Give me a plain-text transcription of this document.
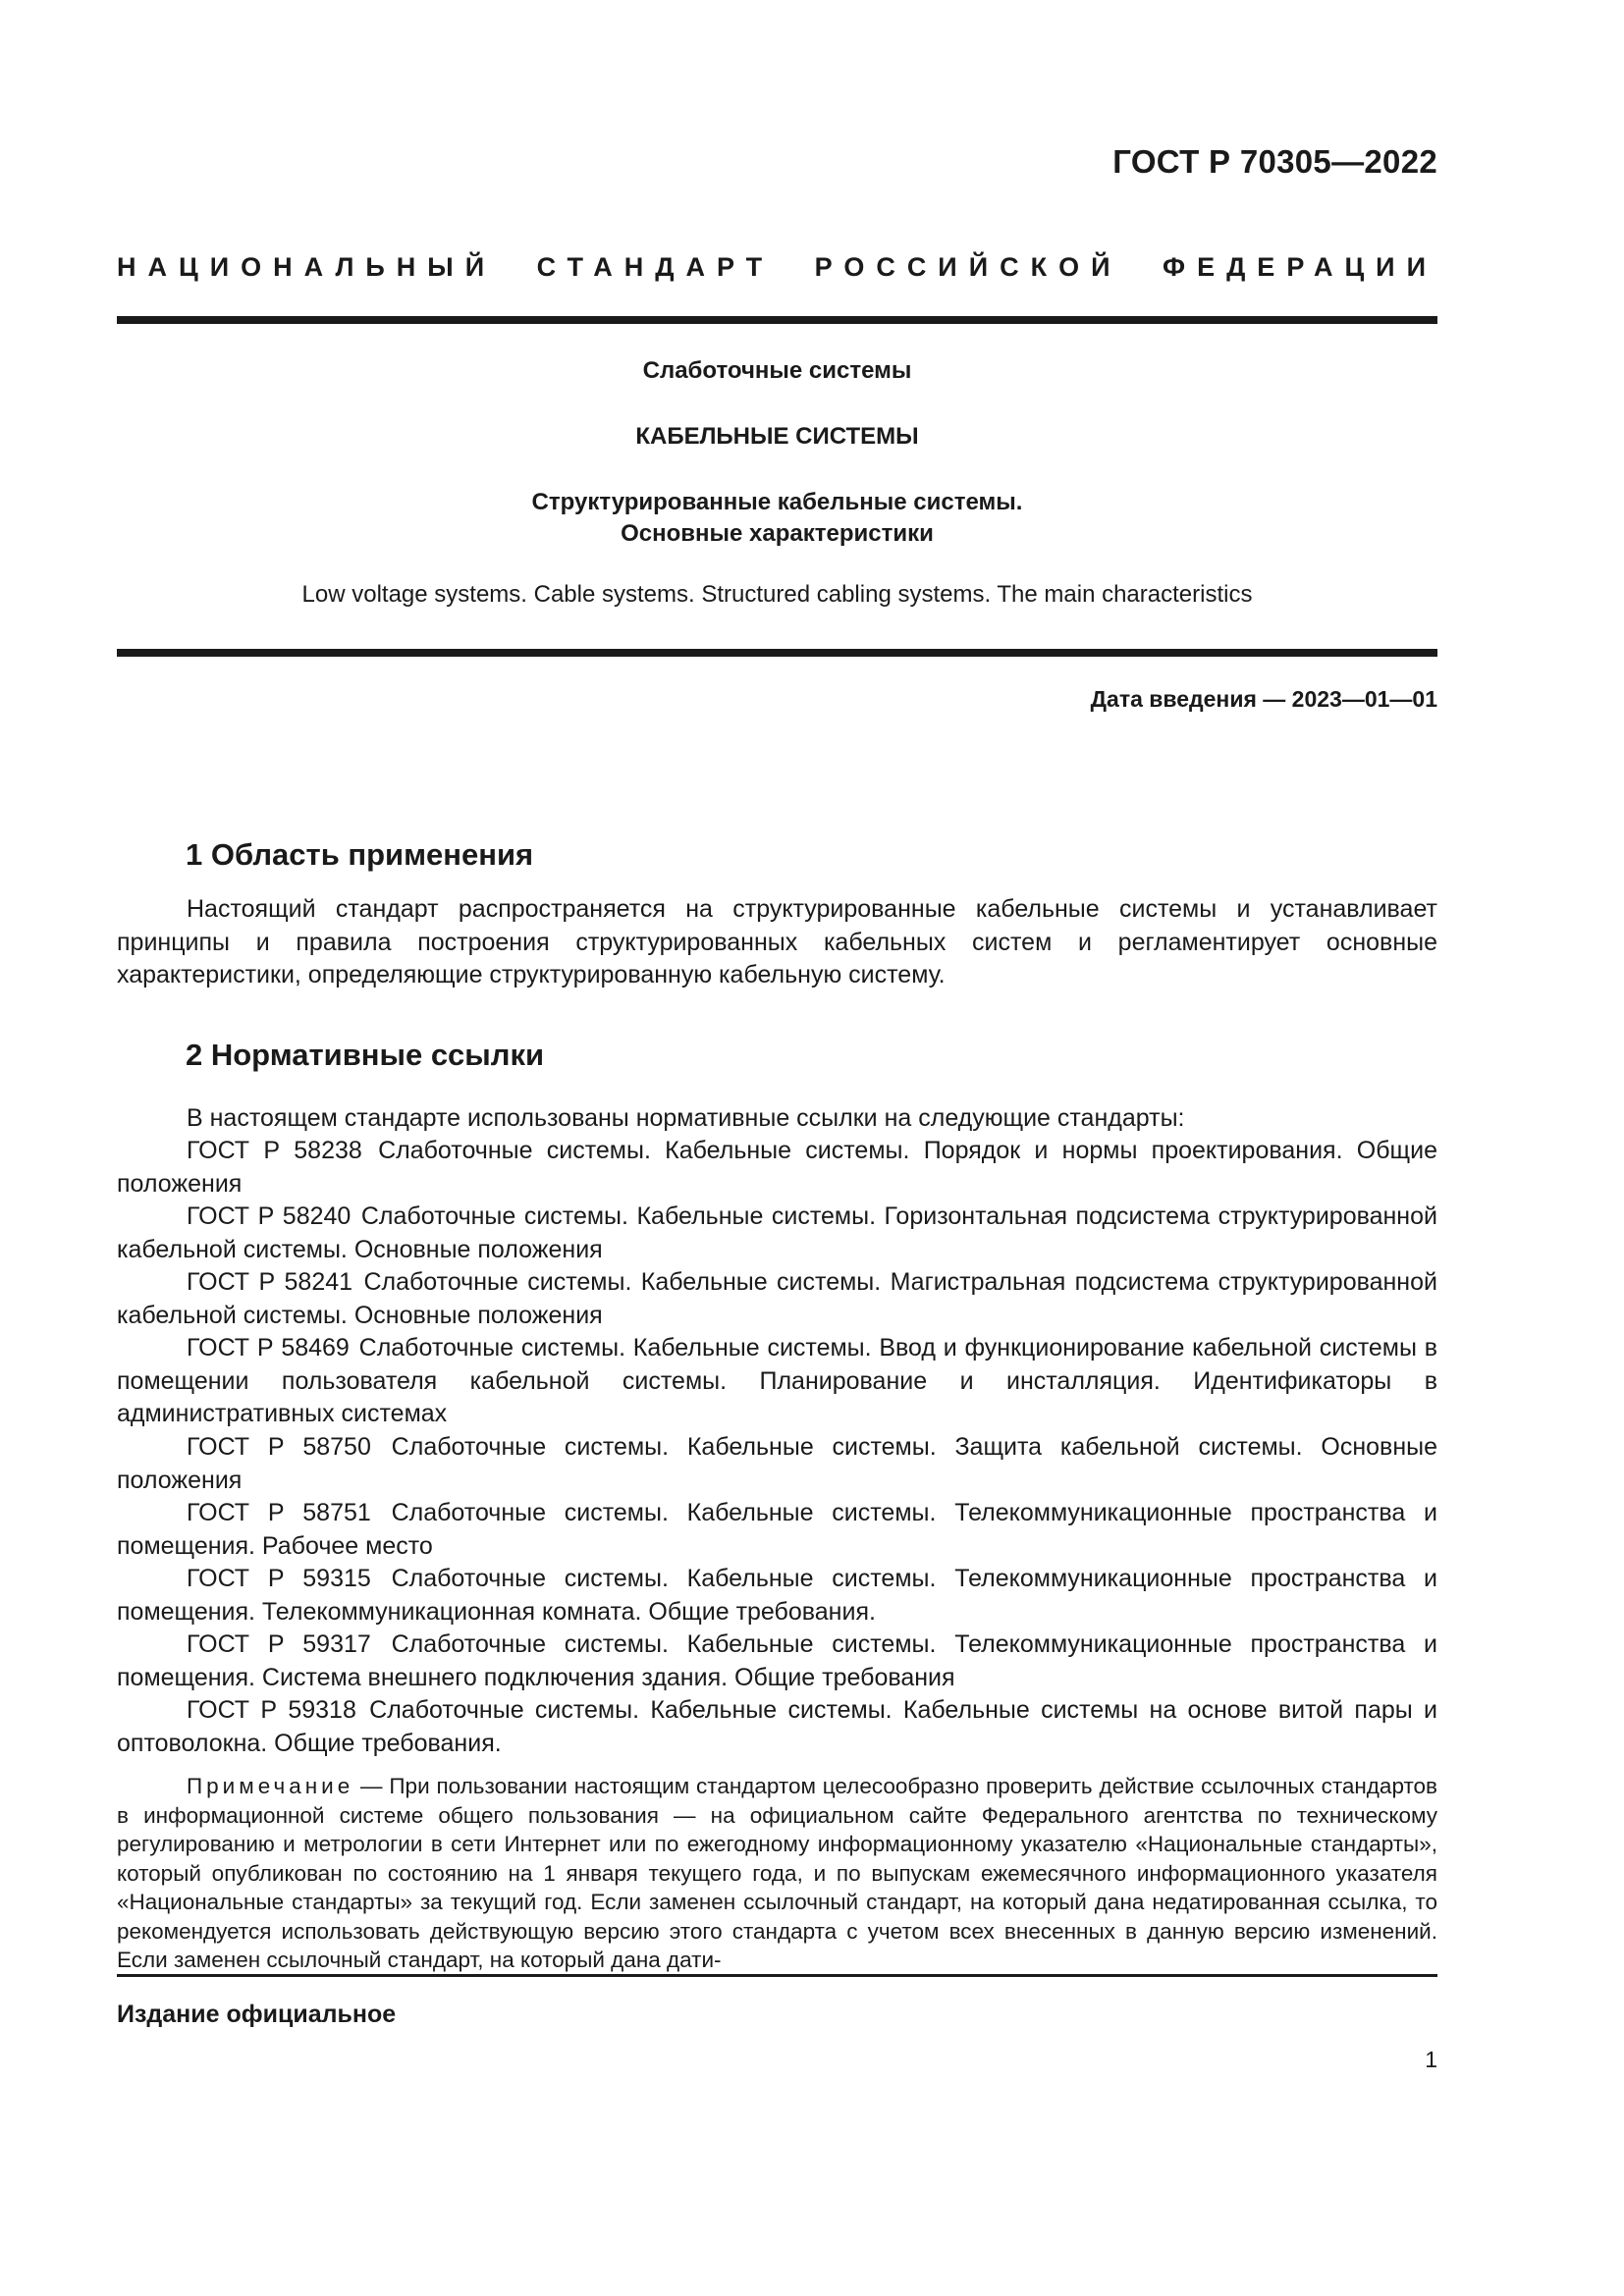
ГОСТ Р 70305—2022
НАЦИОНАЛЬНЫЙ СТАНДАРТ РОССИЙСКОЙ ФЕДЕРАЦИИ
Слаботочные системы
КАБЕЛЬНЫЕ СИСТЕМЫ
Структурированные кабельные системы.
Основные характеристики
Low voltage systems. Cable systems. Structured cabling systems. The main characteristics
Дата введения — 2023—01—01
1 Область применения

Настоящий стандарт распространяется на структурированные кабельные системы и устанавливает принципы и правила построения структурированных кабельных систем и регламентирует основные характеристики, определяющие структурированную кабельную систему.

2 Нормативные ссылки

В настоящем стандарте использованы нормативные ссылки на следующие стандарты:

ГОСТ Р 58238 Слаботочные системы. Кабельные системы. Порядок и нормы проектирования. Общие положения

ГОСТ Р 58240 Слаботочные системы. Кабельные системы. Горизонтальная подсистема структурированной кабельной системы. Основные положения

ГОСТ Р 58241 Слаботочные системы. Кабельные системы. Магистральная подсистема структурированной кабельной системы. Основные положения

ГОСТ Р 58469 Слаботочные системы. Кабельные системы. Ввод и функционирование кабельной системы в помещении пользователя кабельной системы. Планирование и инсталляция. Идентификаторы в административных системах

ГОСТ Р 58750 Слаботочные системы. Кабельные системы. Защита кабельной системы. Основные положения

ГОСТ Р 58751 Слаботочные системы. Кабельные системы. Телекоммуникационные пространства и помещения. Рабочее место

ГОСТ Р 59315 Слаботочные системы. Кабельные системы. Телекоммуникационные пространства и помещения. Телекоммуникационная комната. Общие требования.

ГОСТ Р 59317 Слаботочные системы. Кабельные системы. Телекоммуникационные пространства и помещения. Система внешнего подключения здания. Общие требования

ГОСТ Р 59318 Слаботочные системы. Кабельные системы. Кабельные системы на основе витой пары и оптоволокна. Общие требования.

Примечание — При пользовании настоящим стандартом целесообразно проверить действие ссылочных стандартов в информационной системе общего пользования — на официальном сайте Федерального агентства по техническому регулированию и метрологии в сети Интернет или по ежегодному информационному указателю «Национальные стандарты», который опубликован по состоянию на 1 января текущего года, и по выпускам ежемесячного информационного указателя «Национальные стандарты» за текущий год. Если заменен ссылочный стандарт, на который дана недатированная ссылка, то рекомендуется использовать действующую версию этого стандарта с учетом всех внесенных в данную версию изменений. Если заменен ссылочный стандарт, на который дана дати-

Издание официальное
1
